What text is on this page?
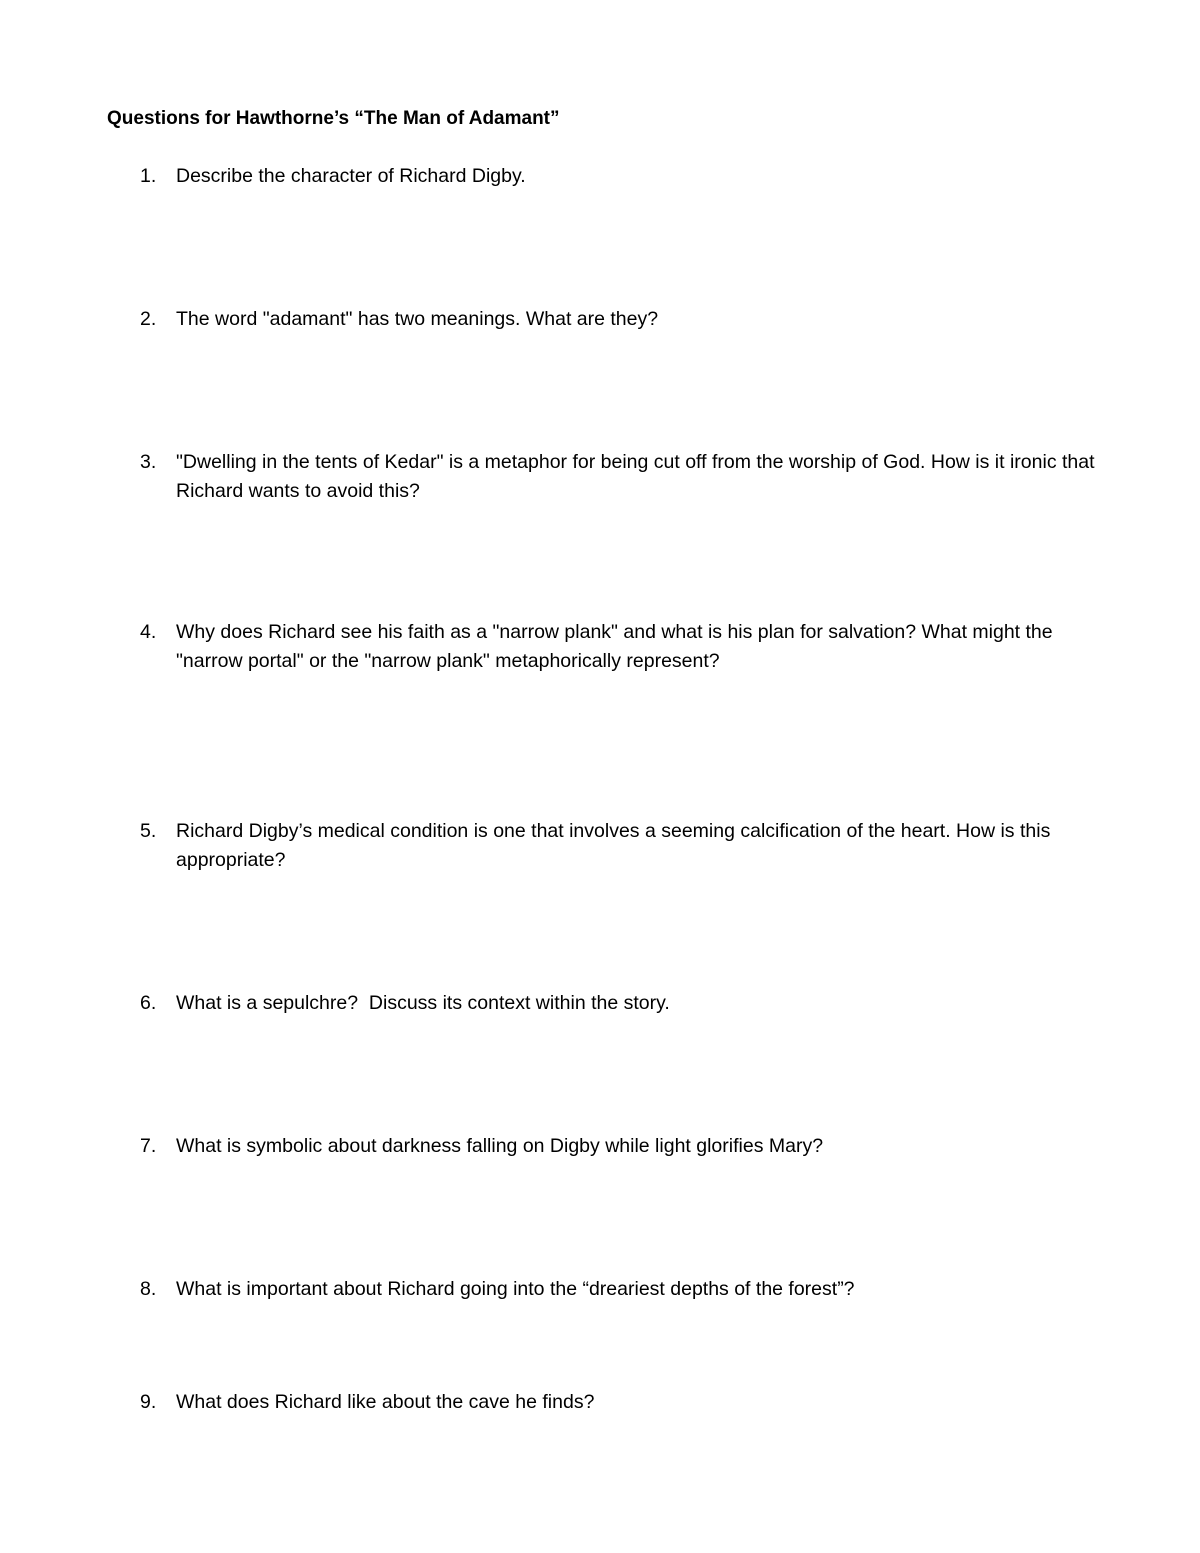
Questions for Hawthorne’s “The Man of Adamant”
1.	Describe the character of Richard Digby.
2.	The word "adamant" has two meanings. What are they?
3.	"Dwelling in the tents of Kedar" is a metaphor for being cut off from the worship of God. How is it ironic that Richard wants to avoid this?
4.	Why does Richard see his faith as a "narrow plank" and what is his plan for salvation? What might the "narrow portal" or the "narrow plank" metaphorically represent?
5.	Richard Digby’s medical condition is one that involves a seeming calcification of the heart. How is this appropriate?
6.	What is a sepulchre?  Discuss its context within the story.
7.	What is symbolic about darkness falling on Digby while light glorifies Mary?
8.	What is important about Richard going into the “dreariest depths of the forest”?
9.	What does Richard like about the cave he finds?
